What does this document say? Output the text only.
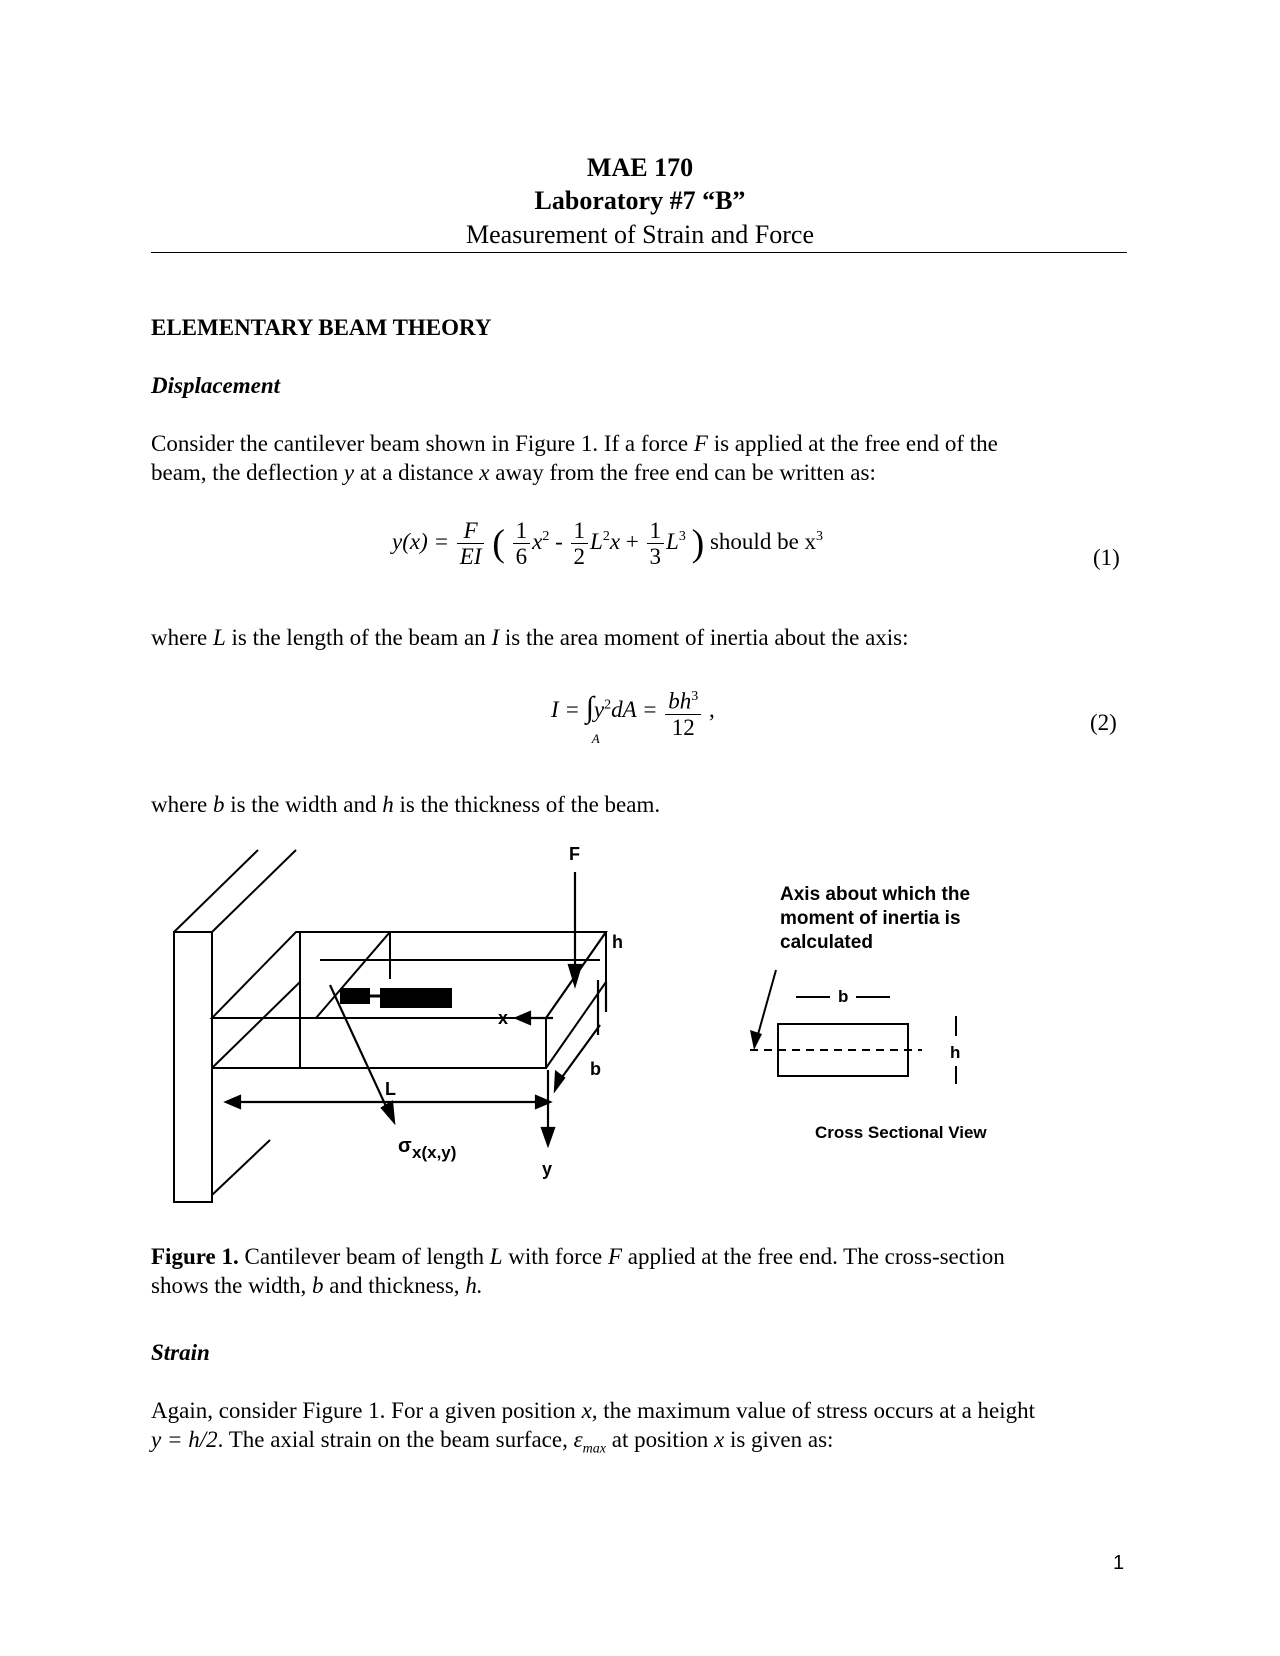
MAE 170
Laboratory #7 “B”
Measurement of Strain and Force
ELEMENTARY BEAM THEORY
Displacement
Consider the cantilever beam shown in Figure 1. If a force F is applied at the free end of the
beam, the deflection y at a distance x away from the free end can be written as:
$y(x) = \frac{F}{EI}$ ( $\frac{1}{6} x^2 - \frac{1}{2} L^2x + \frac{1}{3} L^3$ ) should be $x^3$
(1)
where L is the length of the beam an I is the area moment of inertia about the axis:
I = ∫
A
$y^2dA = \frac{bh^3}{12}$ ,
(2)
where b is the width and h is the thickness of the beam.
F
h
x
L
b
y
σ x(x,y)
Axis about which the
moment of inertia is
calculated
b
h
Cross Sectional View
Figure 1. Cantilever beam of length L with force F applied at the free end. The cross-section
shows the width, b and thickness, h.
Strain
Again, consider Figure 1. For a given position x, the maximum value of stress occurs at a height
y = h/2. The axial strain on the beam surface, $\varepsilon_{max}$ at position x is given as:
1
